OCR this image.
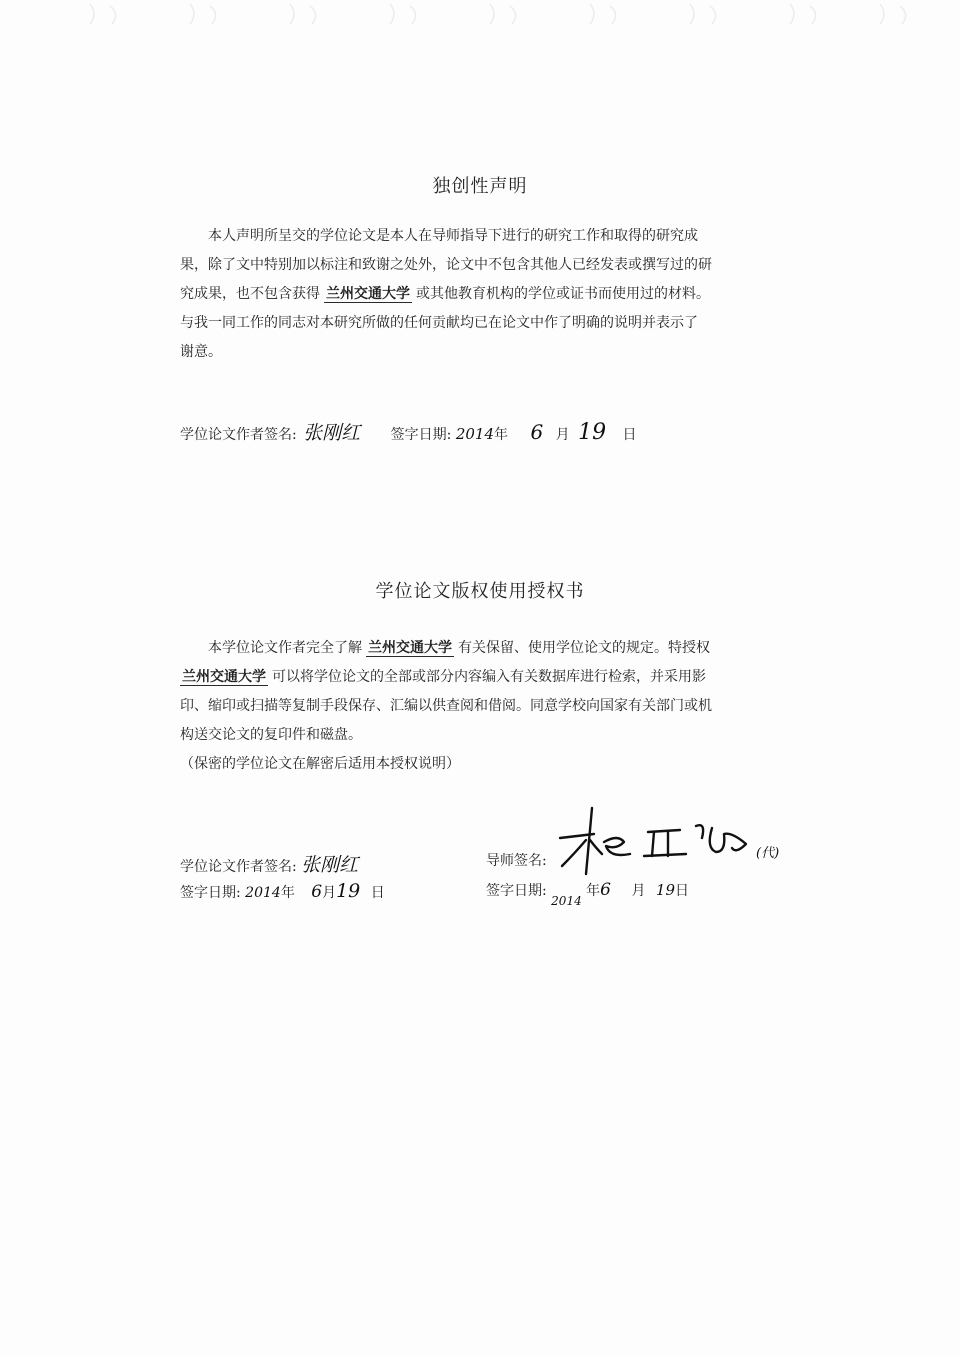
独创性声明
本人声明所呈交的学位论文是本人在导师指导下进行的研究工作和取得的研究成
果，除了文中特别加以标注和致谢之处外，论文中不包含其他人已经发表或撰写过的研
究成果，也不包含获得 兰州交通大学 或其他教育机构的学位或证书而使用过的材料。
与我一同工作的同志对本研究所做的任何贡献均已在论文中作了明确的说明并表示了
谢意。
学位论文作者签名: 张刚红 签字日期: 2014年 6 月 19 日
学位论文版权使用授权书
本学位论文作者完全了解 兰州交通大学 有关保留、使用学位论文的规定。特授权
兰州交通大学 可以将学位论文的全部或部分内容编入有关数据库进行检索，并采用影
印、缩印或扫描等复制手段保存、汇编以供查阅和借阅。同意学校向国家有关部门或机
构送交论文的复印件和磁盘。
（保密的学位论文在解密后适用本授权说明）
学位论文作者签名: 张刚红
签字日期: 2014年 6月19 日
导师签名:	(代)
签字日期: 2014 年6 月 19日
